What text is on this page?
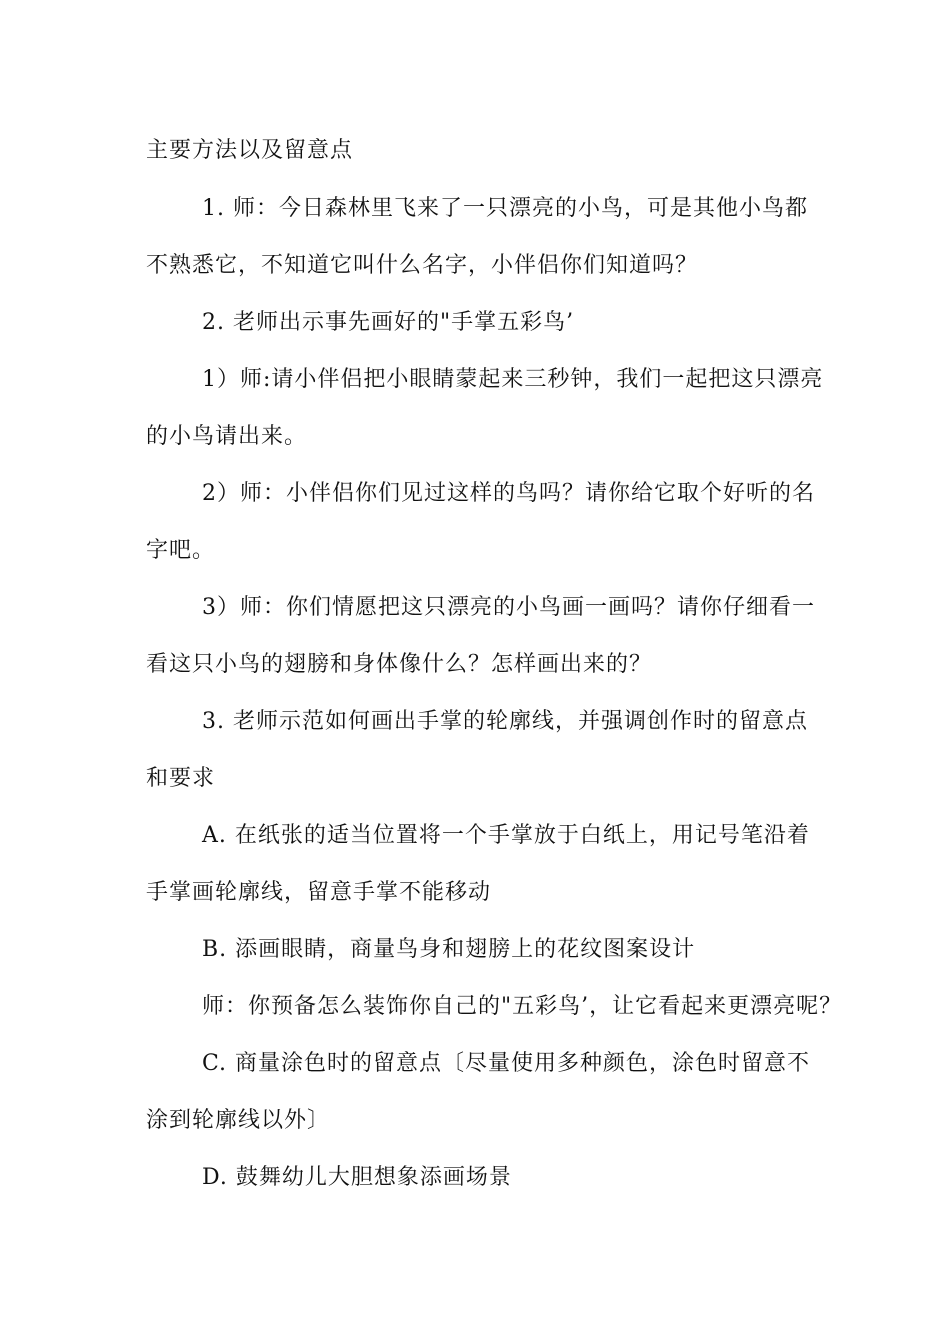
主要方法以及留意点
1. 师：今日森林里飞来了一只漂亮的小鸟，可是其他小鸟都
不熟悉它，不知道它叫什么名字，小伴侣你们知道吗？
2. 老师出示事先画好的"手掌五彩鸟’
1）师:请小伴侣把小眼睛蒙起来三秒钟，我们一起把这只漂亮
的小鸟请出来。
2）师：小伴侣你们见过这样的鸟吗？请你给它取个好听的名
字吧。
3）师：你们情愿把这只漂亮的小鸟画一画吗？请你仔细看一
看这只小鸟的翅膀和身体像什么？怎样画出来的？
3. 老师示范如何画出手掌的轮廓线，并强调创作时的留意点
和要求
A. 在纸张的适当位置将一个手掌放于白纸上，用记号笔沿着
手掌画轮廓线，留意手掌不能移动
B. 添画眼睛，商量鸟身和翅膀上的花纹图案设计
师：你预备怎么装饰你自己的"五彩鸟’，让它看起来更漂亮呢？
C. 商量涂色时的留意点〔尽量使用多种颜色，涂色时留意不
涂到轮廓线以外〕
D. 鼓舞幼儿大胆想象添画场景
